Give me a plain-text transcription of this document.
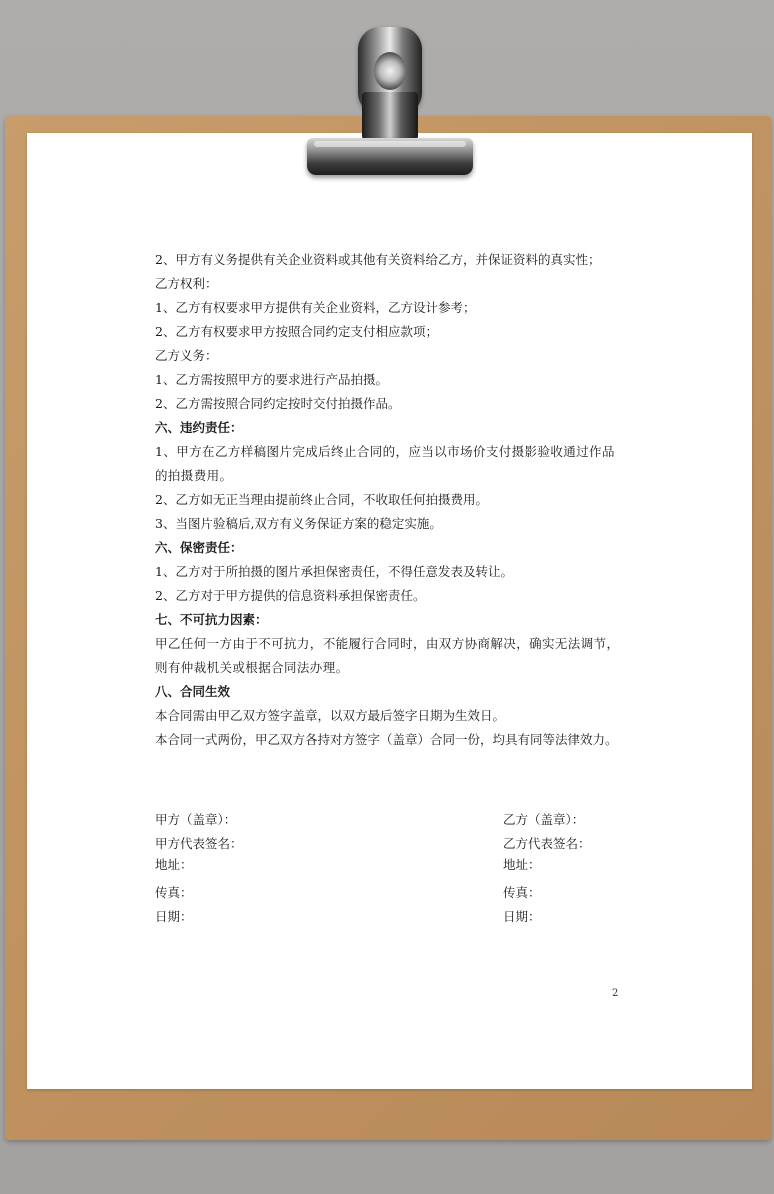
2、甲方有义务提供有关企业资料或其他有关资料给乙方，并保证资料的真实性；
乙方权利：
1、乙方有权要求甲方提供有关企业资料，乙方设计参考；
2、乙方有权要求甲方按照合同约定支付相应款项；
乙方义务：
1、乙方需按照甲方的要求进行产品拍摄。
2、乙方需按照合同约定按时交付拍摄作品。
六、违约责任：
1、甲方在乙方样稿图片完成后终止合同的，应当以市场价支付摄影验收通过作品的拍摄费用。
2、乙方如无正当理由提前终止合同，不收取任何拍摄费用。
3、当图片验稿后,双方有义务保证方案的稳定实施。
六、保密责任：
1、乙方对于所拍摄的图片承担保密责任，不得任意发表及转让。
2、乙方对于甲方提供的信息资料承担保密责任。
七、不可抗力因素：
甲乙任何一方由于不可抗力，不能履行合同时，由双方协商解决，确实无法调节，则有仲裁机关或根据合同法办理。
八、合同生效
本合同需由甲乙双方签字盖章，以双方最后签字日期为生效日。
本合同一式两份，甲乙双方各持对方签字（盖章）合同一份，均具有同等法律效力。
甲方（盖章）：
甲方代表签名：
地址：
传真：
日期：
乙方（盖章）：
乙方代表签名：
地址：
传真：
日期：
2
